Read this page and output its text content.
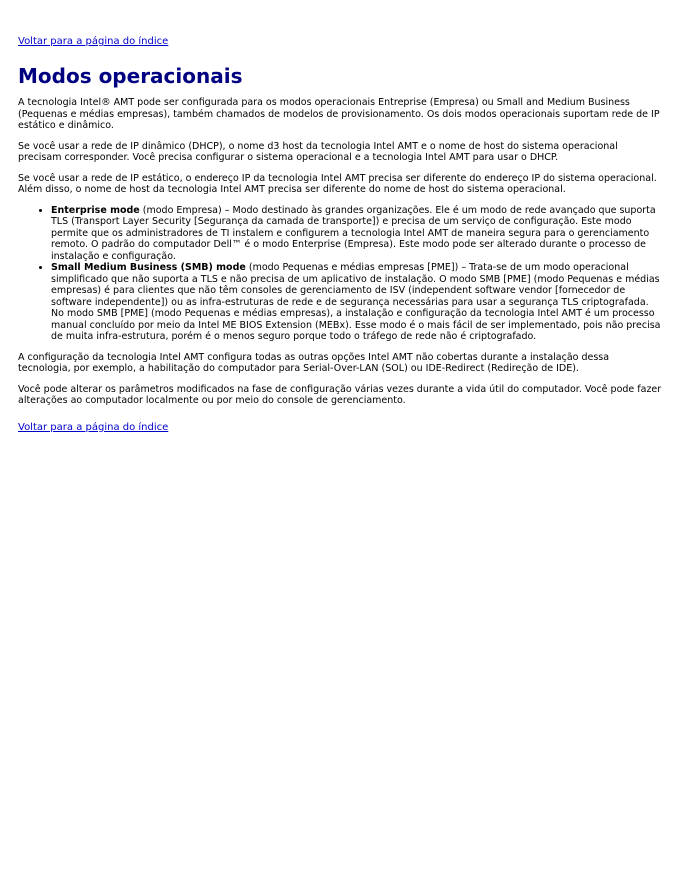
Voltar para a página do índice
Modos operacionais

A tecnologia Intel® AMT pode ser configurada para os modos operacionais Entreprise (Empresa) ou Small and Medium Business (Pequenas e médias empresas), também chamados de modelos de provisionamento. Os dois modos operacionais suportam rede de IP estático e dinâmico.

Se você usar a rede de IP dinâmico (DHCP), o nome d3 host da tecnologia Intel AMT e o nome de host do sistema operacional precisam corresponder. Você precisa configurar o sistema operacional e a tecnologia Intel AMT para usar o DHCP.

Se você usar a rede de IP estático, o endereço IP da tecnologia Intel AMT precisa ser diferente do endereço IP do sistema operacional. Além disso, o nome de host da tecnologia Intel AMT precisa ser diferente do nome de host do sistema operacional.

• Enterprise mode (modo Empresa) – Modo destinado às grandes organizações. Ele é um modo de rede avançado que suporta TLS (Transport Layer Security [Segurança da camada de transporte]) e precisa de um serviço de configuração. Este modo permite que os administradores de TI instalem e configurem a tecnologia Intel AMT de maneira segura para o gerenciamento remoto. O padrão do computador Dell™ é o modo Enterprise (Empresa). Este modo pode ser alterado durante o processo de instalação e configuração.
• Small Medium Business (SMB) mode (modo Pequenas e médias empresas [PME]) – Trata-se de um modo operacional simplificado que não suporta a TLS e não precisa de um aplicativo de instalação. O modo SMB [PME] (modo Pequenas e médias empresas) é para clientes que não têm consoles de gerenciamento de ISV (independent software vendor [fornecedor de software independente]) ou as infra-estruturas de rede e de segurança necessárias para usar a segurança TLS criptografada. No modo SMB [PME] (modo Pequenas e médias empresas), a instalação e configuração da tecnologia Intel AMT é um processo manual concluído por meio da Intel ME BIOS Extension (MEBx). Esse modo é o mais fácil de ser implementado, pois não precisa de muita infra-estrutura, porém é o menos seguro porque todo o tráfego de rede não é criptografado.

A configuração da tecnologia Intel AMT configura todas as outras opções Intel AMT não cobertas durante a instalação dessa tecnologia, por exemplo, a habilitação do computador para Serial-Over-LAN (SOL) ou IDE-Redirect (Redireção de IDE).

Você pode alterar os parâmetros modificados na fase de configuração várias vezes durante a vida útil do computador. Você pode fazer alterações ao computador localmente ou por meio do console de gerenciamento.

Voltar para a página do índice
